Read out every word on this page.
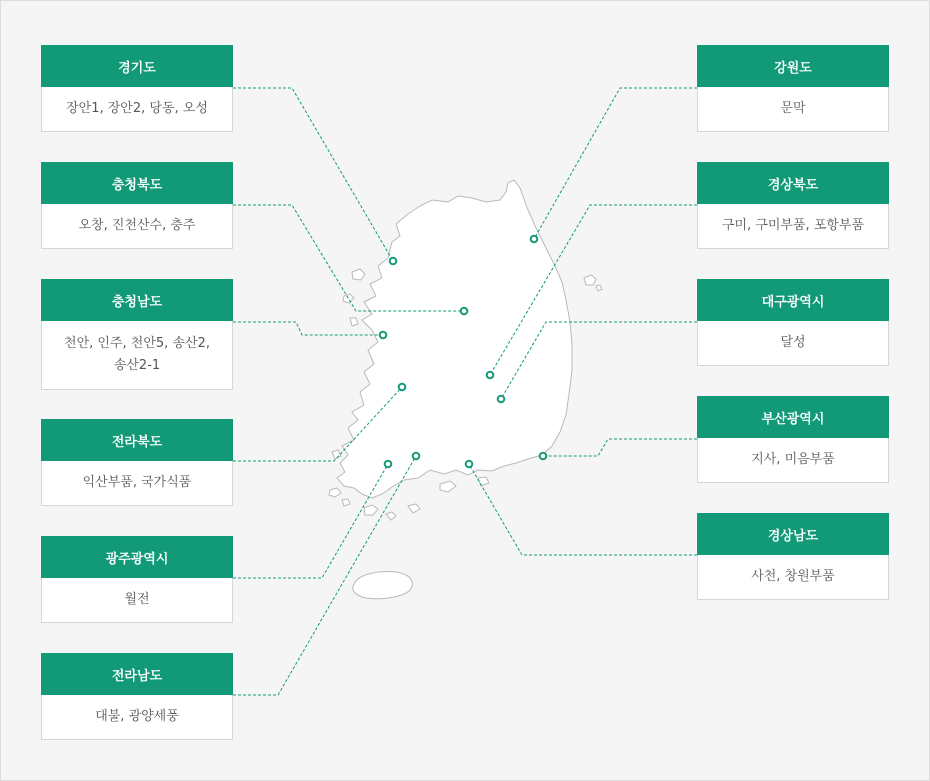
경기도
장안1, 장안2, 당동, 오성
충청북도
오창, 진천산수, 충주
충청남도
천안, 인주, 천안5, 송산2, 송산2-1
전라북도
익산부품, 국가식품
광주광역시
월전
전라남도
대불, 광양세풍
강원도
문막
경상북도
구미, 구미부품, 포항부품
대구광역시
달성
부산광역시
지사, 미음부품
경상남도
사천, 창원부품
